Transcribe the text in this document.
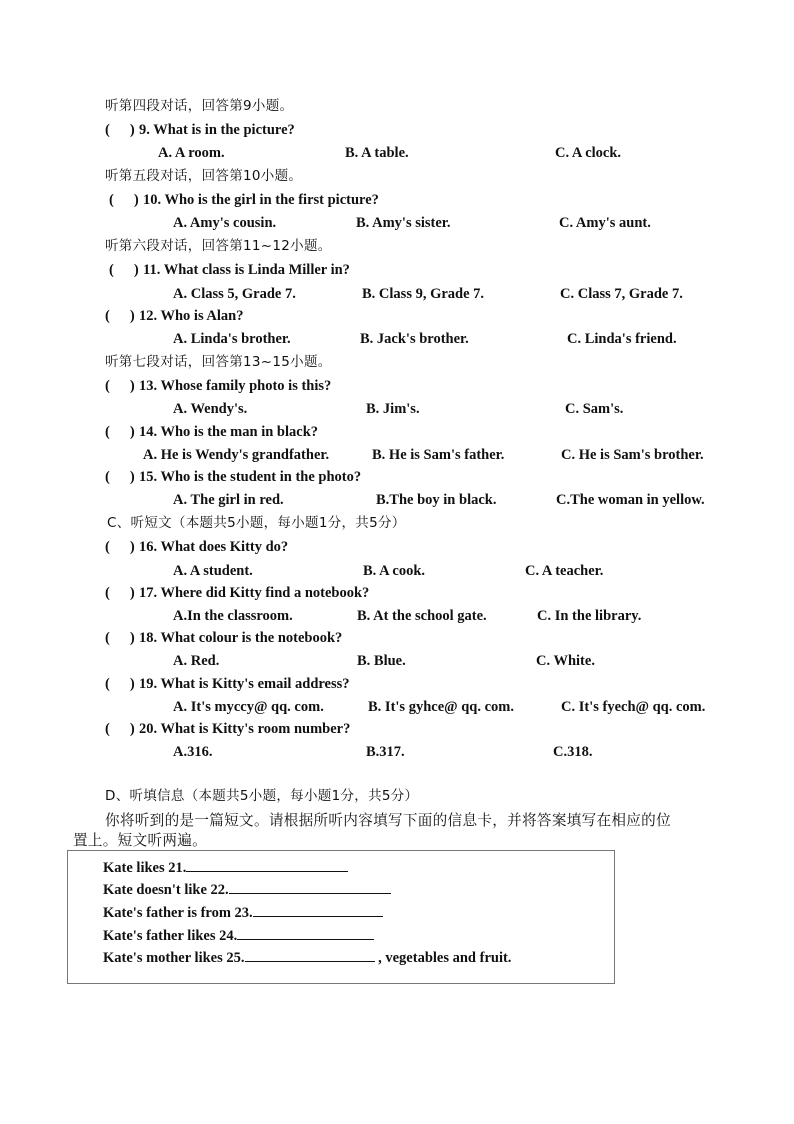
听第四段对话，回答第9小题。
( ) 9. What is in the picture?
A. A room.	B. A table.	C. A clock.
听第五段对话，回答第10小题。
( ) 10. Who is the girl in the first picture?
A. Amy's cousin.	B. Amy's sister.	C. Amy's aunt.
听第六段对话，回答第11~12小题。
( ) 11. What class is Linda Miller in?
A. Class 5, Grade 7.	B. Class 9, Grade 7.	C. Class 7, Grade 7.
( ) 12. Who is Alan?
A. Linda's brother.	B. Jack's brother.	C. Linda's friend.
听第七段对话，回答第13~15小题。
( ) 13. Whose family photo is this?
A. Wendy's.	B. Jim's.	C. Sam's.
( ) 14. Who is the man in black?
A. He is Wendy's grandfather.	B. He is Sam's father.	C. He is Sam's brother.
( ) 15. Who is the student in the photo?
A. The girl in red.	B.The boy in black.	C.The woman in yellow.
C、听短文（本题共5小题，每小题1分，共5分）
( ) 16. What does Kitty do?
A. A student.	B. A cook.	C. A teacher.
( ) 17. Where did Kitty find a notebook?
A.In the classroom.	B. At the school gate.	C. In the library.
( ) 18. What colour is the notebook?
A. Red.	B. Blue.	C. White.
( ) 19. What is Kitty's email address?
A. It's myccy@ qq. com.	B. It's gyhce@ qq. com.	C. It's fyech@ qq. com.
( ) 20. What is Kitty's room number?
A.316.	B.317.	C.318.
D、听填信息（本题共5小题，每小题1分，共5分）
你将听到的是一篇短文。请根据所听内容填写下面的信息卡，并将答案填写在相应的位
置上。短文听两遍。
Kate likes 21.
Kate doesn't like 22.
Kate's father is from 23.
Kate's father likes 24.
Kate's mother likes 25.	, vegetables and fruit.
